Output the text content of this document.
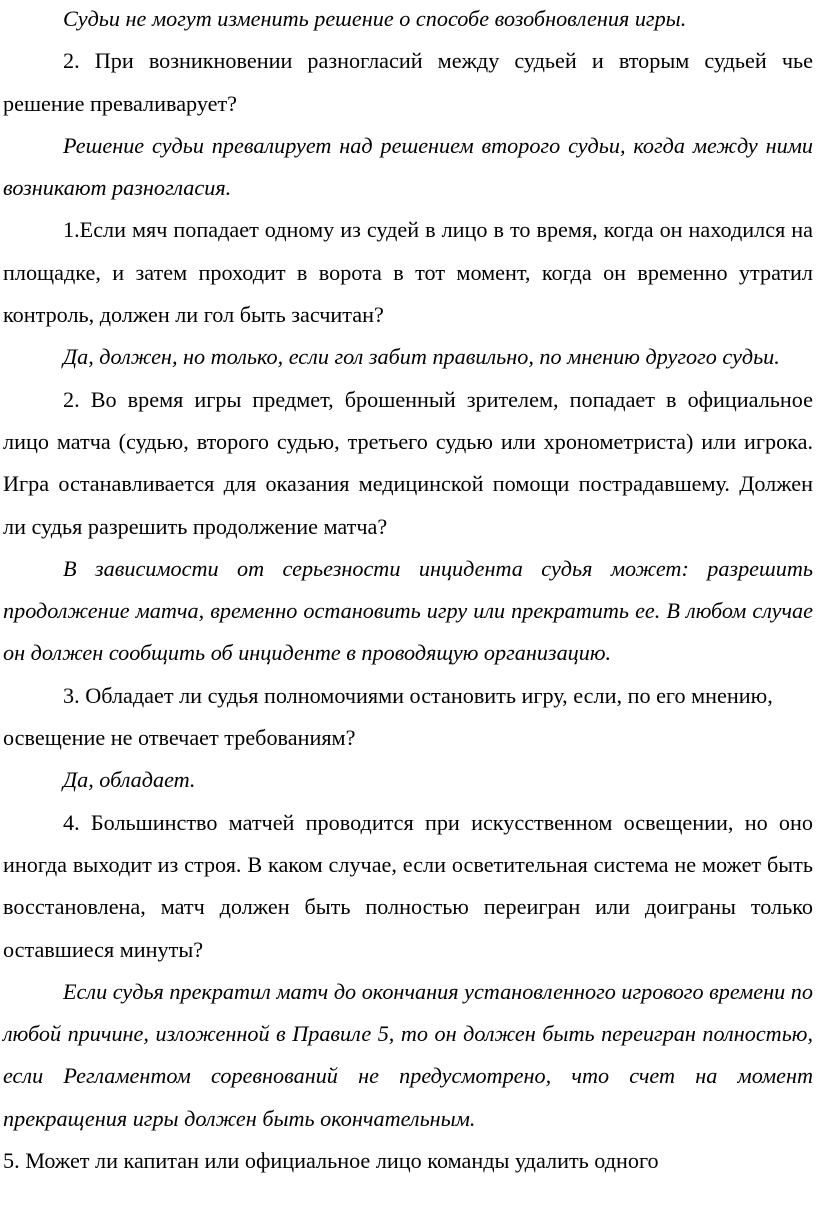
Судьи не могут изменить решение о способе возобновления игры.

2. При возникновении разногласий между судьей и вторым судьей чье решение преваливарует?

Решение судьи превалирует над решением второго судьи, когда между ними возникают разногласия.

1.Если мяч попадает одному из судей в лицо в то время, когда он находился на площадке, и затем проходит в ворота в тот момент, когда он временно утратил контроль, должен ли гол быть засчитан?

Да, должен, но только, если гол забит правильно, по мнению другого судьи.

2. Во время игры предмет, брошенный зрителем, попадает в официальное лицо матча (судью, второго судью, третьего судью или хронометриста) или игрока. Игра останавливается для оказания медицинской помощи пострадавшему. Должен ли судья разрешить продолжение матча?

В зависимости от серьезности инцидента судья может: разрешить продолжение матча, временно остановить игру или прекратить ее. В любом случае он должен сообщить об инциденте в проводящую организацию.

3. Обладает ли судья полномочиями остановить игру, если, по его мнению, освещение не отвечает требованиям?

Да, обладает.

4. Большинство матчей проводится при искусственном освещении, но оно иногда выходит из строя. В каком случае, если осветительная система не может быть восстановлена, матч должен быть полностью переигран или доиграны только оставшиеся минуты?

Если судья прекратил матч до окончания установленного игрового времени по любой причине, изложенной в Правиле 5, то он должен быть переигран полностью, если Регламентом соревнований не предусмотрено, что счет на момент прекращения игры должен быть окончательным.

5. Может ли капитан или официальное лицо команды удалить одного
